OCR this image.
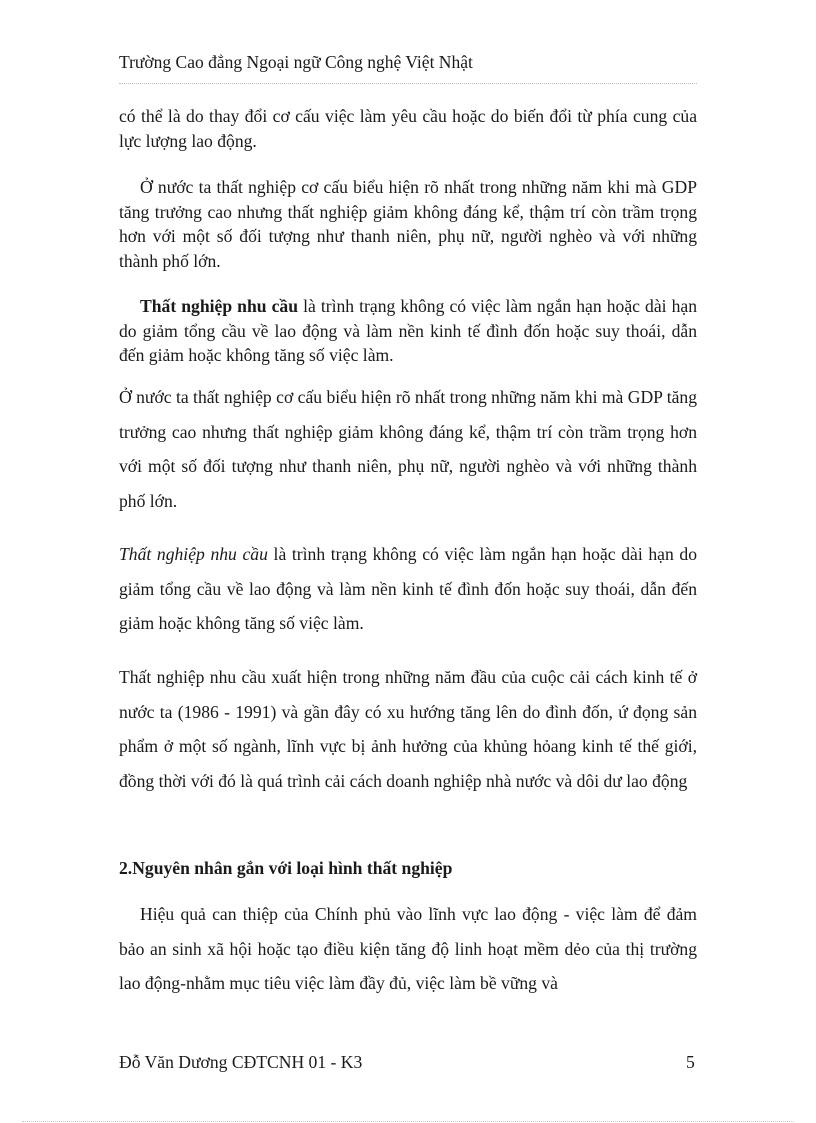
Trường Cao đẳng Ngoại ngữ Công nghệ Việt Nhật

có thể là do thay đổi cơ cấu việc làm yêu cầu hoặc do biến đổi từ phía cung của lực lượng lao động.

Ở nước ta thất nghiệp cơ cấu biểu hiện rõ nhất trong những năm khi mà GDP tăng trưởng cao nhưng thất nghiệp giảm không đáng kể, thậm trí còn trầm trọng hơn với một số đối tượng như thanh niên, phụ nữ, người nghèo và với những thành phố lớn.

Thất nghiệp nhu cầu là trình trạng không có việc làm ngắn hạn hoặc dài hạn do giảm tổng cầu về lao động và làm nền kinh tế đình đốn hoặc suy thoái, dẫn đến giảm hoặc không tăng số việc làm.

Ở nước ta thất nghiệp cơ cấu biểu hiện rõ nhất trong những năm khi mà GDP tăng trưởng cao nhưng thất nghiệp giảm không đáng kể, thậm trí còn trầm trọng hơn với một số đối tượng như thanh niên, phụ nữ, người nghèo và với những thành phố lớn.

Thất nghiệp nhu cầu là trình trạng không có việc làm ngắn hạn hoặc dài hạn do giảm tổng cầu về lao động và làm nền kinh tế đình đốn hoặc suy thoái, dẫn đến giảm hoặc không tăng số việc làm.

Thất nghiệp nhu cầu xuất hiện trong những năm đầu của cuộc cải cách kinh tế ở nước ta (1986 - 1991) và gần đây có xu hướng tăng lên do đình đốn, ứ đọng sản phẩm ở một số ngành, lĩnh vực bị ảnh hưởng của khủng hỏang kinh tế thế giới, đồng thời với đó là quá trình cải cách doanh nghiệp nhà nước và dôi dư lao động

2.Nguyên nhân gắn với loại hình thất nghiệp

Hiệu quả can thiệp của Chính phủ vào lĩnh vực lao động - việc làm để đảm bảo an sinh xã hội hoặc tạo điều kiện tăng độ linh hoạt mềm dẻo của thị trường lao động-nhằm mục tiêu việc làm đầy đủ, việc làm bề vững và

Đỗ Văn Dương CĐTCNH 01 - K3	5
